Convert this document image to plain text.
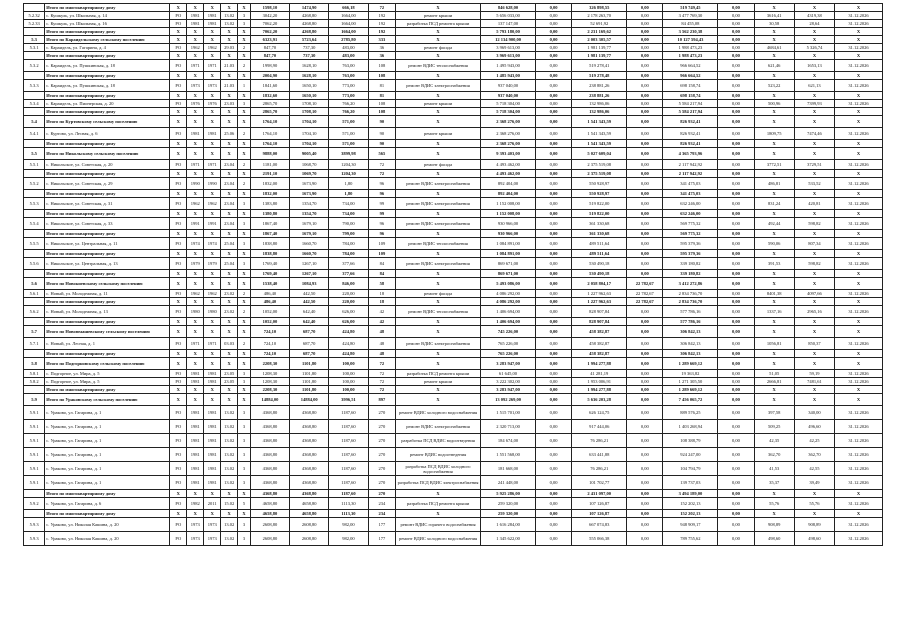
	Итого по многоквартирному дому	X	X	X	X	X	1598,10	1474,90	666,18	72	X	846 628,00	0,00	326 898,55	0,00	519 749,45	0,00	X	X	X
5.2.32	с. Кушкуль, ул. Школьная, д. 14	РО	1981	1981	13.02	3	3042,20	4268,80	1664,00	192	ремонт крыши	5 656 033,00	0,00	2 178 263,70	0,00	3 477 769,30	0,00	3616,41	4319,38	31.12.2026
5.2.33	с. Кушкуль, ул. Школьная, д. 16	РО	1981	1981	13.02	3	7062,20	4268,80	1664,00	192	разработка ПСД ремонта крыши	137 147,00	0,00	52 691,92	0,00	84 455,08	0,00	30,58	28,64	31.12.2026
	Итого по многоквартирному дому	X	X	X	X	X	7062,20	4268,80	1664,00	192	X	5 793 180,00	0,00	2 231 169,62	0,00	3 562 230,38	0,00	X	X	X
5.3	Итого по Караидельскому сельскому поселению	X	X	X	X	X	6323,91	5723,64	2785,80	333	X	12 134 900,00	0,00	2 003 305,57	0,00	10 127 594,43	0,00	X	X	X
5.3.1	с. Караидель, ул. Гагарина, д. 4	РО	1962	1962	29.03	2	847,70	737,30	483,00	36	ремонт фасада	3 969 613,00	0,00	1 981 139,77	0,00	1 988 473,23	0,00	4684,61	5 326,74	31.12.2026
	Итого по многоквартирному дому	X	X	X	X	X	847,70	737,30	483,00	36	X	3 969 613,00	0,00	1 981 139,77	0,00	1 988 473,23	0,00	X	X	X
5.3.2	с. Караидель, ул. Пушкинская, д. 18	РО	1971	1971	21.03	2	1998,90	1628,10	763,00	108	ремонт ВДИС теплоснабжения	1 495 943,00	0,00	519 278,41	0,00	966 664,52	0,00	621,46	1653,13	31.12.2026
	Итого по многоквартирному дому	X	X	X	X	X	2004,90	1628,10	763,00	108	X	1 485 943,00	0,00	519 278,48	0,00	966 664,52	0,00	X	X	X
5.3.3	с. Караидель, ул. Пушкинская, д. 18	РО	1973	1973	21.03	1	1841,60	1650,10	773,00	81	ремонт ВДИС электроснабжения	937 040,00	0,00	238 881,26	0,00	698 158,74	0,00	523,22	621,13	31.12.2026
	Итого по многоквартирному дому	X	X	X	X	X	1832,60	1650,10	773,00	81	X	937 040,00	0,00	238 881,26	0,00	698 158,74	0,00	X	X	X
5.3.4	с. Караидель, ул. Пионерская, д. 20	РО	1976	1976	23.03	3	2865,70	1708,10	766,20	108	ремонт крыши	5 718 304,00	0,00	132 986,06	0,00	5 584 217,94	0,00	500,96	7399,93	31.12.2026
	Итого по многоквартирному дому	X	X	X	X	X	2865,70	1708,10	766,20	108	X	5 718 304,00	0,00	132 986,06	0,00	5 584 217,94	0,00	X	X	X
5.4	Итого по Куртовскому сельскому поселению	X	X	X	X	X	1764,10	1704,10	571,00	90	X	2 368 276,00	0,00	1 541 343,59	0,00	826 932,41	0,00	X	X	X
5.4.1	с. Куртово, ул. Лесная, д. 6	РО	1981	1981	25.06	2	1764,10	1704,10	571,00	90	ремонт крыши	2 368 276,00	0,00	1 541 343,59	0,00	826 932,41	0,00	1809,75	7474,46	31.12.2026
	Итого по многоквартирному дому	X	X	X	X	X	1764,10	1704,10	571,00	90	X	2 368 276,00	0,00	1 541 343,59	0,00	826 932,41	0,00	X	X	X
5.5	Итого по Никольскому сельскому поселению	X	X	X	X	X	9888,00	9005,40	3899,98	565	X	9 393 403,00	0,00	5 027 609,04	0,00	4 365 793,96	0,00	X	X	X
5.5.1	с. Никольское, ул. Советская, д. 20	РО	1971	1971	23.04	2	1181,00	1068,70	1204,30	72	ремонт фасада	4 493 462,00	0,00	2 375 519,08	0,00	2 117 942,92	0,00	3772,51	3729,51	31.12.2026
	Итого по многоквартирному дому	X	X	X	X	X	2191,10	1069,70	1204,30	72	X	4 493 462,00	0,00	2 375 519,08	0,00	2 117 942,92	0,00	X	X	X
5.5.2	с. Никольское, ул. Советская, д. 29	РО	1990	1990	23.04	2	1832,00	1673,90	1,80	96	ремонт ВДИС электроснабжения	892 404,00	0,00	550 928,97	0,00	341 475,03	0,00	486,81	533,52	31.12.2026
	Итого по многоквартирному дому	X	X	X	X	X	1832,00	1673,90	1,80	96	X	892 404,00	0,00	550 928,97	0,00	341 475,03	0,00	X	X	X
5.5.3	с. Никольское, ул. Советская, д. 31	РО	1962	1962	23.04	3	1383,80	1354,70	734,00	99	ремонт ВДИС электроснабжения	1 152 008,00	0,00	519 822,00	0,00	632 246,00	0,00	831,24	420,81	31.12.2026
	Итого по многоквартирному дому	X	X	X	X	X	1380,80	1354,70	734,00	99	X	1 152 008,00	0,00	519 822,00	0,00	632 246,00	0,00	X	X	X
5.5.4	с. Никольское, ул. Советская, д. 33	РО	1991	1991	23.04	3	1867,40	1679,10	790,00	96	ремонт ВДИС электроснабжения	930 966,00	0,00	361 330,68	0,00	569 775,32	0,00	492,44	598,82	31.12.2026
	Итого по многоквартирному дому	X	X	X	X	X	1867,40	1679,10	799,00	96	X	930 966,00	0,00	361 330,68	0,00	569 775,32	0,00	X	X	X
5.5.5	с. Никольское, ул. Центральная, д. 11	РО	1974	1974	25.04	3	1838,80	1660,70	784,00	109	ремонт ВДИС теплоснабжения	1 084 891,00	0,00	489 511,64	0,00	595 379,36	0,00	590,06	807,34	31.12.2026
	Итого по многоквартирному дому	X	X	X	X	X	1838,80	1660,70	784,00	109	X	1 084 891,00	0,00	489 511,64	0,00	595 379,36	0,00	X	X	X
5.5.6	с. Никольское, ул. Центральная, д. 13	РО	1979	1979	25.04	3	1769,40	1267,10	377,66	84	ремонт ВДИС электроснабжения	869 671,00	0,00	530 490,18	0,00	339 180,82	0,00	391,53	598,82	31.12.2026
	Итого по многоквартирному дому	X	X	X	X	X	1769,40	1267,10	377,66	84	X	869 671,00	0,00	530 490,18	0,00	339 180,82	0,00	X	X	X
5.6	Итого по Новокиевскому сельскому поселению	X	X	X	X	X	1538,40	1084,93	846,00	58	X	5 493 086,00	0,00	2 058 804,17	22 782,67	3 412 272,86	0,00	X	X	X
5.6.1	с. Новый, ул. Молодежная, д. 11	РО	1962	1962	23.02	2	486,40	442,50	220,00	18	ремонт фасада	4 086 292,00	0,00	1 227 962,63	22 782,67	2 834 736,70	0,00	8401,38	4097,66	31.12.2026
	Итого по многоквартирному дому	X	X	X	X	X	486,40	442,50	220,00	18	X	4 086 292,00	0,00	1 227 962,63	22 782,67	2 834 736,70	0,00	X	X	X
5.6.2	с. Новый, ул. Молодежная, д. 13	РО	1980	1980	23.02	2	1052,00	642,40	626,00	42	ремонт ВДИС теплоснабжения	1 406 694,00	0,00	828 907,84	0,00	577 786,16	0,00	1337,16	2965,16	31.12.2026
	Итого по многоквартирному дому	X	X	X	X	X	1052,00	642,40	626,00	42	X	1 406 694,00	0,00	828 907,84	0,00	577 786,16	0,00	X	X	X
5.7	Итого по Новоюмашевскому сельскому поселению	X	X	X	X	X	724,10	687,70	424,80	48	X	745 226,00	0,00	458 382,87	0,00	306 842,13	0,00	X	X	X
5.7.1	с. Новый, ул. Лесная, д. 1	РО	1971	1971	03.03	2	724,10	687,70	424,80	48	ремонт ВДИС электроснабжения	765 226,00	0,00	458 382,87	0,00	306 842,13	0,00	1056,81	850,37	31.12.2026
	Итого по многоквартирному дому	X	X	X	X	X	724,10	687,70	424,80	48	X	765 226,00	0,00	458 382,87	0,00	306 842,13	0,00	X	X	X
5.8	Итого по Подгорновскому сельскому поселению	X	X	X	X	X	2208,30	1101,80	100,00	72	X	3 283 947,00	0,00	1 994 277,88	0,00	1 289 669,12	0,00	X	X	X
5.8.1	с. Подгорное, ул. Мира, д. 5	РО	1981	1981	23.05	3	1208,30	1101,80	100,00	72	разработка ПСД ремонта крыши	61 645,00	0,00	41 281,19	0,00	19 363,82	0,00	51,05	59,19	31.12.2026
5.8.2	с. Подгорное, ул. Мира, д. 5	РО	1981	1981	23.05	3	1208,30	1101,80	100,00	72	ремонт крыши	3 222 302,00	0,00	1 953 006,91	0,00	1 271 305,50	0,00	2666,81	7481,61	31.12.2026
	Итого по многоквартирному дому	X	X	X	X	X	2208,30	1101,80	100,00	72	X	3 283 947,00	0,00	1 994 277,88	0,00	1 289 669,12	0,00	X	X	X
5.9	Итого по Ураковскому сельскому поселению	X	X	X	X	X	14884,00	14884,00	3996,51	897	X	13 092 269,00	0,00	5 636 203,28	0,00	7 456 065,72	0,00	X	X	X
5.9.1	с. Ураково, ул. Гагарина, д. 1	РО	1981	1981	13.02	3	4368,80	4368,80	1187,60	270	ремонт ВДИС холодного водоснабжения	1 515 701,00	0,00	626 124,75	0,00	889 576,25	0,00	397,58	340,00	31.12.2026
5.9.1	с. Ураково, ул. Гагарина, д. 1	РО	1981	1981	13.02	3	4368,80	4368,80	1187,60	270	ремонт ВДИС электроснабжения	2 320 713,00	0,00	917 444,06	0,00	1 403 268,94	0,00	509,25	496,60	31.12.2026
5.9.1	с. Ураково, ул. Гагарина, д. 1	РО	1981	1981	13.02	3	4368,80	4368,80	1187,60	270	разработка ПСД ВДИС водоотведения	184 674,00	0,00	76 286,21	0,00	108 388,79	0,00	42,35	42,25	31.12.2026
5.9.1	с. Ураково, ул. Гагарина, д. 1	РО	1981	1981	13.02	3	4368,80	4368,80	1187,60	270	ремонт ВДИС водоотведения	1 551 568,00	0,00	633 441,88	0,00	924 247,00	0,00	362,70	362,70	31.12.2026
5.9.1	с. Ураково, ул. Гагарина, д. 1	РО	1981	1981	13.02	3	4368,80	4368,80	1187,60	270	разработка ПСД ВДИС холодного водоснабжения	181 668,00	0,00	76 286,21	0,00	104 794,79	0,00	41,53	42,55	31.12.2026
5.9.1	с. Ураково, ул. Гагарина, д. 1	РО	1981	1981	13.02	3	4368,80	4368,80	1187,60	270	разработка ПСД ВДИС электроснабжения	241 448,00	0,00	101 702,77	0,00	139 737,03	0,00	35,37	39,49	31.12.2026
	Итого по многоквартирному дому	X	X	X	X	X	4368,80	4368,80	1187,60	270	X	5 925 286,00	0,00	2 431 097,00	0,00	3 494 189,00	0,00	X	X	X
5.9.2	с. Ураково, ул. Гагарина, д. 6	РО	1982	2011	15.02	5	4658,80	4658,80	1113,30	234	разработка ПСД ремонта крыши	259 320,00	0,00	107 126,87	0,00	152 202,13	0,00	55,76	55,76	31.12.2026
	Итого по многоквартирному дому	X	X	X	X	X	4658,80	4658,80	1113,30	234	X	259 320,00	0,00	107 126,87	0,00	152 202,13	0,00	X	X	X
5.9.3	с. Ураково, ул. Николая Кашина, д. 20	РО	1973	1973	13.02	3	2608,80	2608,80	982,00	177	ремонт ВДИС горячего водоснабжения	1 616 284,00	0,00	667 074,83	0,00	948 909,17	0,00	908,89	908,89	31.12.2026
5.9.3	с. Ураково, ул. Николая Кашина, д. 20	РО	1973	1973	13.02	3	2608,80	2608,80	982,00	177	ремонт ВДИС холодного водоснабжения	1 345 622,00	0,00	555 066,38	0,00	789 755,62	0,00	498,60	498,60	31.12.2026
